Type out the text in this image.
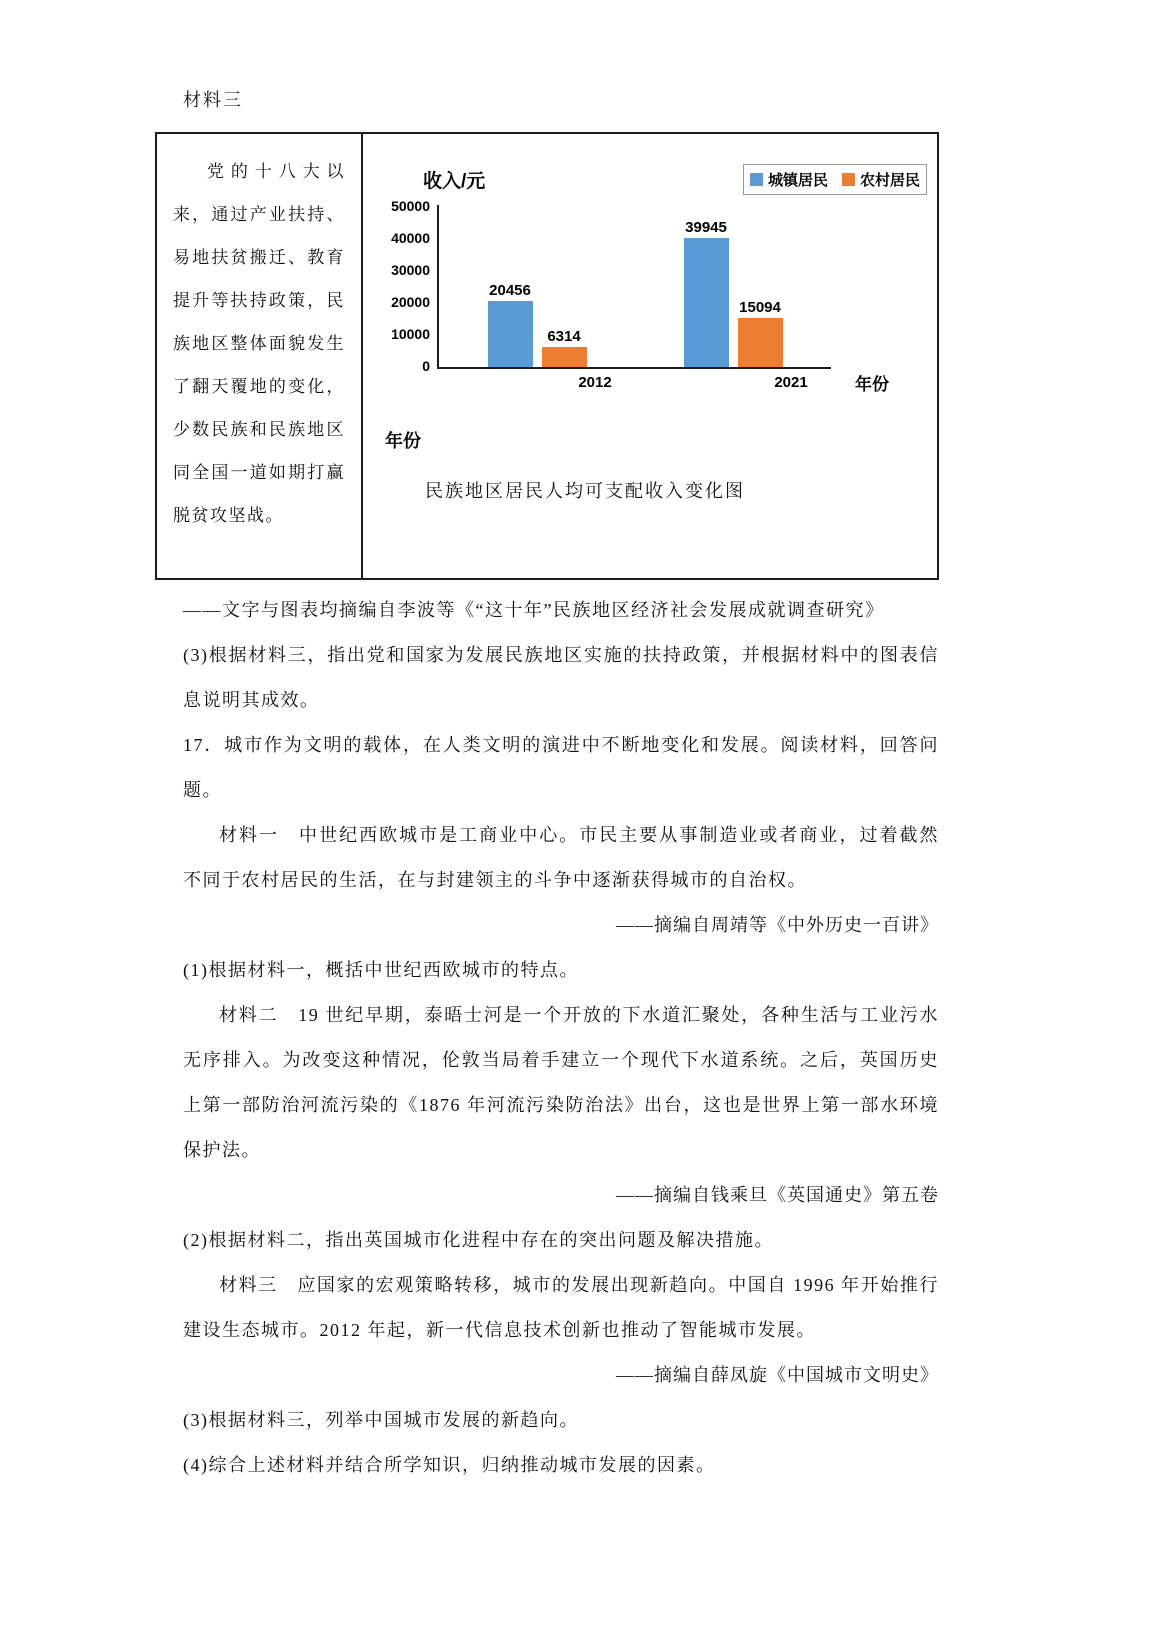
材料三
党的十八大以来，通过产业扶持、易地扶贫搬迁、教育提升等扶持政策，民族地区整体面貌发生了翻天覆地的变化，少数民族和民族地区同全国一道如期打赢脱贫攻坚战。
收入/元	城镇居民 农村居民
50000
40000
30000
20000
10000
0
年份
20456
6314
39945
15094
2012	2021
年份
民族地区居民人均可支配收入变化图

——文字与图表均摘编自李波等《“这十年”民族地区经济社会发展成就调查研究》

(3)根据材料三，指出党和国家为发展民族地区实施的扶持政策，并根据材料中的图表信息说明其成效。

17．城市作为文明的载体，在人类文明的演进中不断地变化和发展。阅读材料，回答问题。

材料一　中世纪西欧城市是工商业中心。市民主要从事制造业或者商业，过着截然不同于农村居民的生活，在与封建领主的斗争中逐渐获得城市的自治权。

——摘编自周靖等《中外历史一百讲》

(1)根据材料一，概括中世纪西欧城市的特点。

材料二　19 世纪早期，泰晤士河是一个开放的下水道汇聚处，各种生活与工业污水无序排入。为改变这种情况，伦敦当局着手建立一个现代下水道系统。之后，英国历史上第一部防治河流污染的《1876 年河流污染防治法》出台，这也是世界上第一部水环境保护法。

——摘编自钱乘旦《英国通史》第五卷

(2)根据材料二，指出英国城市化进程中存在的突出问题及解决措施。

材料三　应国家的宏观策略转移，城市的发展出现新趋向。中国自 1996 年开始推行建设生态城市。2012 年起，新一代信息技术创新也推动了智能城市发展。

——摘编自薛凤旋《中国城市文明史》

(3)根据材料三，列举中国城市发展的新趋向。

(4)综合上述材料并结合所学知识，归纳推动城市发展的因素。
